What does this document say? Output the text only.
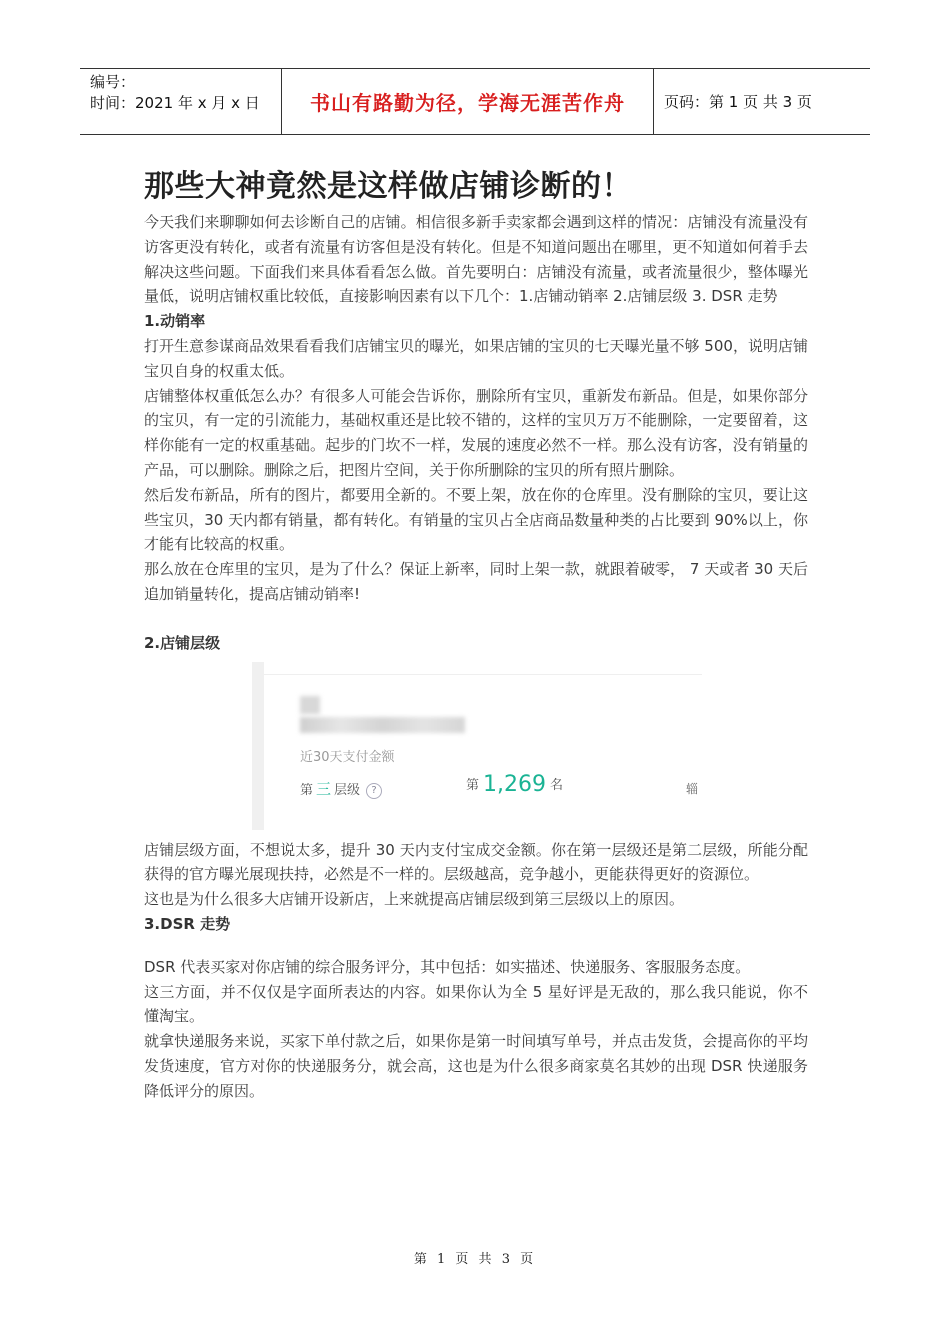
编号：
时间：2021 年 x 月 x 日	书山有路勤为径，学海无涯苦作舟	页码：第 1 页 共 3 页
那些大神竟然是这样做店铺诊断的！

今天我们来聊聊如何去诊断自己的店铺。相信很多新手卖家都会遇到这样的情况：店铺没有流量没有访客更没有转化，或者有流量有访客但是没有转化。但是不知道问题出在哪里，更不知道如何着手去解决这些问题。下面我们来具体看看怎么做。首先要明白：店铺没有流量，或者流量很少，整体曝光量低，说明店铺权重比较低，直接影响因素有以下几个：1.店铺动销率 2.店铺层级 3. DSR 走势

1.动销率

打开生意参谋商品效果看看我们店铺宝贝的曝光，如果店铺的宝贝的七天曝光量不够 500，说明店铺宝贝自身的权重太低。

店铺整体权重低怎么办？有很多人可能会告诉你，删除所有宝贝，重新发布新品。但是，如果你部分的宝贝，有一定的引流能力，基础权重还是比较不错的，这样的宝贝万万不能删除，一定要留着，这样你能有一定的权重基础。起步的门坎不一样，发展的速度必然不一样。那么没有访客，没有销量的产品，可以删除。删除之后，把图片空间，关于你所删除的宝贝的所有照片删除。

然后发布新品，所有的图片，都要用全新的。不要上架，放在你的仓库里。没有删除的宝贝，要让这些宝贝，30 天内都有销量，都有转化。有销量的宝贝占全店商品数量种类的占比要到 90%以上，你才能有比较高的权重。

那么放在仓库里的宝贝，是为了什么？保证上新率，同时上架一款，就跟着破零， 7 天或者 30 天后追加销量转化，提高店铺动销率!

2.店铺层级

近30天支付金额
第 三 层级 ?	第 1,269 名	辎

店铺层级方面，不想说太多，提升 30 天内支付宝成交金额。你在第一层级还是第二层级，所能分配获得的官方曝光展现扶持，必然是不一样的。层级越高，竞争越小，更能获得更好的资源位。

这也是为什么很多大店铺开设新店，上来就提高店铺层级到第三层级以上的原因。

3.DSR 走势

DSR 代表买家对你店铺的综合服务评分，其中包括：如实描述、快递服务、客服服务态度。

这三方面，并不仅仅是字面所表达的内容。如果你认为全 5 星好评是无敌的，那么我只能说，你不懂淘宝。

就拿快递服务来说，买家下单付款之后，如果你是第一时间填写单号，并点击发货，会提高你的平均发货速度，官方对你的快递服务分，就会高，这也是为什么很多商家莫名其妙的出现 DSR 快递服务降低评分的原因。

第 1 页 共 3 页
